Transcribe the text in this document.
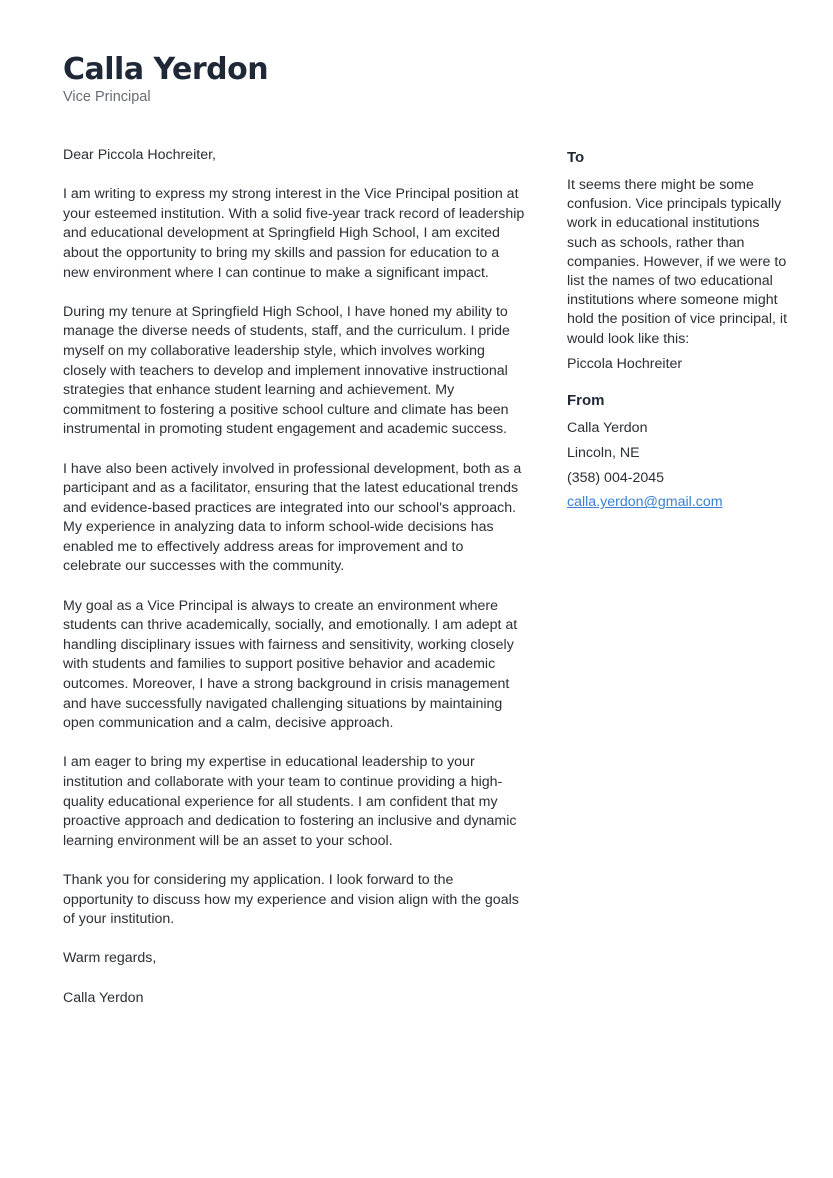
Calla Yerdon
Vice Principal

Dear Piccola Hochreiter,

I am writing to express my strong interest in the Vice Principal position at your esteemed institution. With a solid five-year track record of leadership and educational development at Springfield High School, I am excited about the opportunity to bring my skills and passion for education to a new environment where I can continue to make a significant impact.

During my tenure at Springfield High School, I have honed my ability to manage the diverse needs of students, staff, and the curriculum. I pride myself on my collaborative leadership style, which involves working closely with teachers to develop and implement innovative instructional strategies that enhance student learning and achievement. My commitment to fostering a positive school culture and climate has been instrumental in promoting student engagement and academic success.

I have also been actively involved in professional development, both as a participant and as a facilitator, ensuring that the latest educational trends and evidence-based practices are integrated into our school's approach. My experience in analyzing data to inform school-wide decisions has enabled me to effectively address areas for improvement and to celebrate our successes with the community.

My goal as a Vice Principal is always to create an environment where students can thrive academically, socially, and emotionally. I am adept at handling disciplinary issues with fairness and sensitivity, working closely with students and families to support positive behavior and academic outcomes. Moreover, I have a strong background in crisis management and have successfully navigated challenging situations by maintaining open communication and a calm, decisive approach.

I am eager to bring my expertise in educational leadership to your institution and collaborate with your team to continue providing a high-quality educational experience for all students. I am confident that my proactive approach and dedication to fostering an inclusive and dynamic learning environment will be an asset to your school.

Thank you for considering my application. I look forward to the opportunity to discuss how my experience and vision align with the goals of your institution.

Warm regards,

Calla Yerdon

To
It seems there might be some confusion. Vice principals typically work in educational institutions such as schools, rather than companies. However, if we were to list the names of two educational institutions where someone might hold the position of vice principal, it would look like this:
Piccola Hochreiter
From
Calla Yerdon
Lincoln, NE
(358) 004-2045
calla.yerdon@gmail.com
